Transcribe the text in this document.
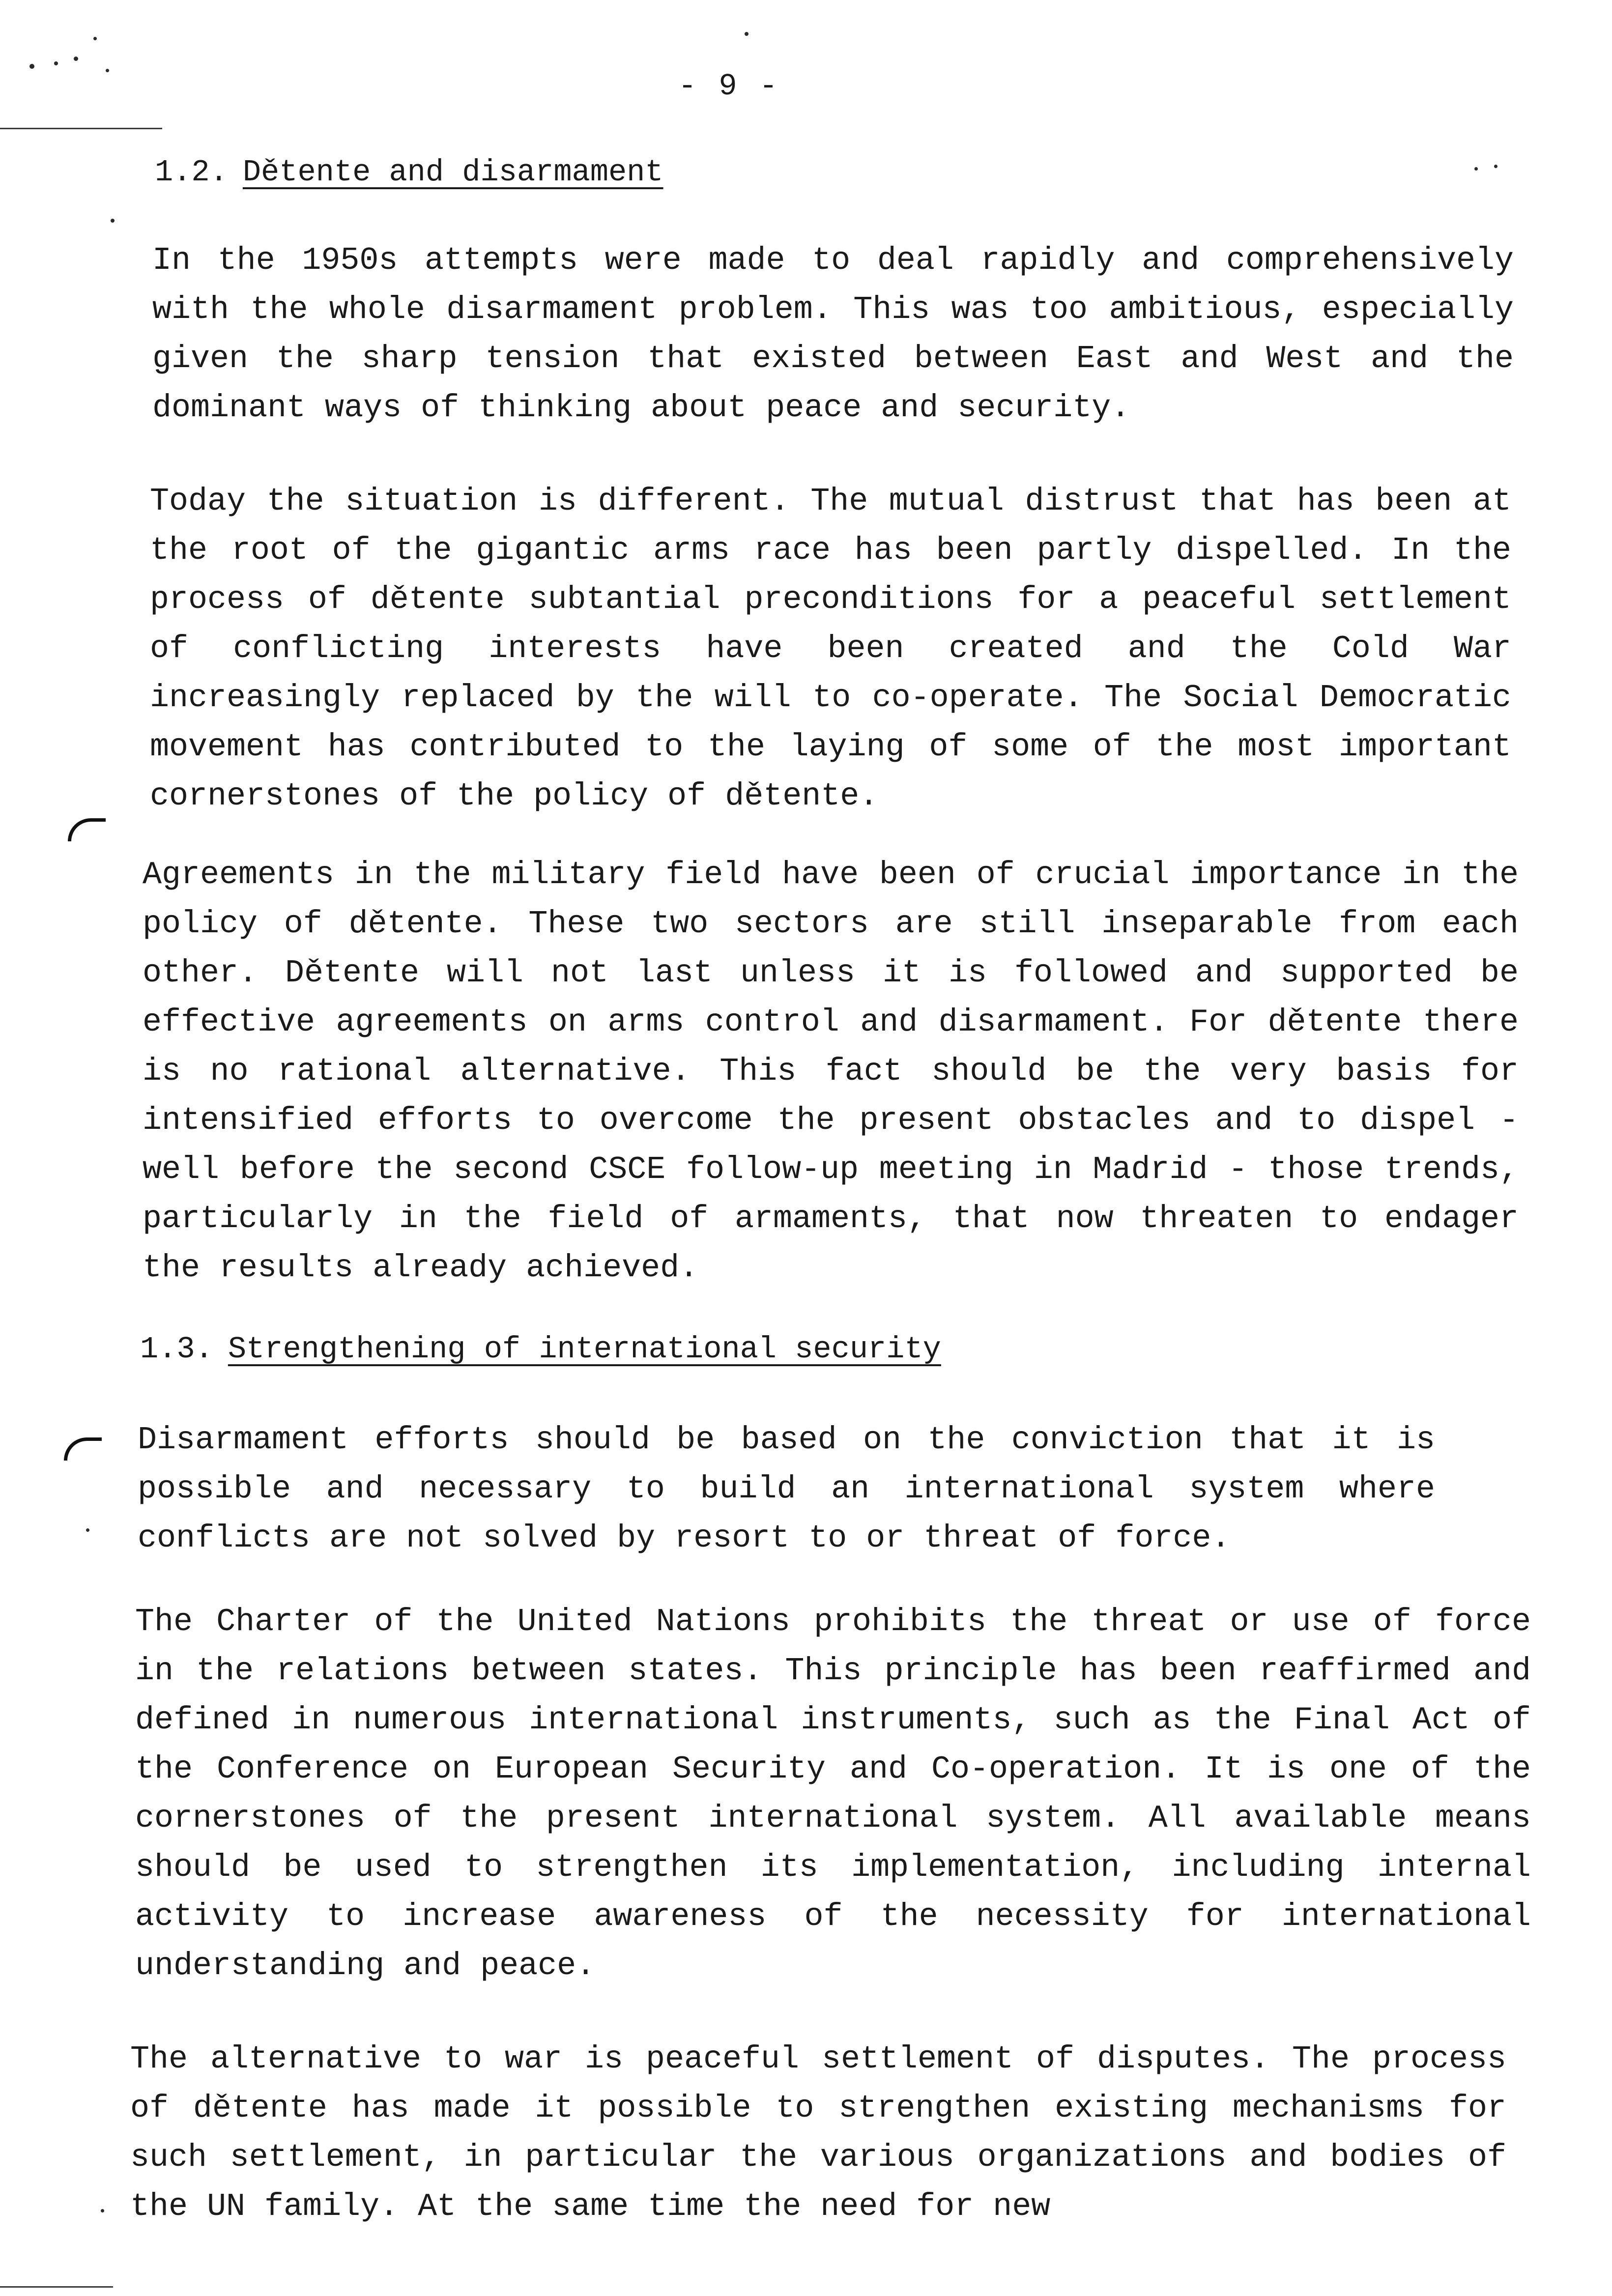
- 9 -
1.2. Dětente and disarmament

In the 1950s attempts were made to deal rapidly and comprehensively with the whole disarmament problem. This was too ambitious, especially given the sharp tension that existed between East and West and the dominant ways of thinking about peace and security.

Today the situation is different. The mutual distrust that has been at the root of the gigantic arms race has been partly dispelled. In the process of dětente subtantial preconditions for a peaceful settlement of conflicting interests have been created and the Cold War increasingly replaced by the will to co-operate. The Social Democratic movement has contributed to the laying of some of the most important cornerstones of the policy of dětente.

Agreements in the military field have been of crucial importance in the policy of dětente. These two sectors are still inseparable from each other. Dětente will not last unless it is followed and supported be effective agreements on arms control and disarmament. For dětente there is no rational alternative. This fact should be the very basis for intensified efforts to overcome the present obstacles and to dispel - well before the second CSCE follow-up meeting in Madrid - those trends, particularly in the field of armaments, that now threaten to endager the results already achieved.

1.3. Strengthening of international security

Disarmament efforts should be based on the conviction that it is possible and necessary to build an international system where conflicts are not solved by resort to or threat of force.

The Charter of the United Nations prohibits the threat or use of force in the relations between states. This principle has been reaffirmed and defined in numerous international instruments, such as the Final Act of the Conference on European Security and Co-operation. It is one of the cornerstones of the present international system. All available means should be used to strengthen its implementation, including internal activity to increase awareness of the necessity for international understanding and peace.

The alternative to war is peaceful settlement of disputes. The process of dětente has made it possible to strengthen existing mechanisms for such settlement, in particular the various organizations and bodies of the UN family. At the same time the need for new
